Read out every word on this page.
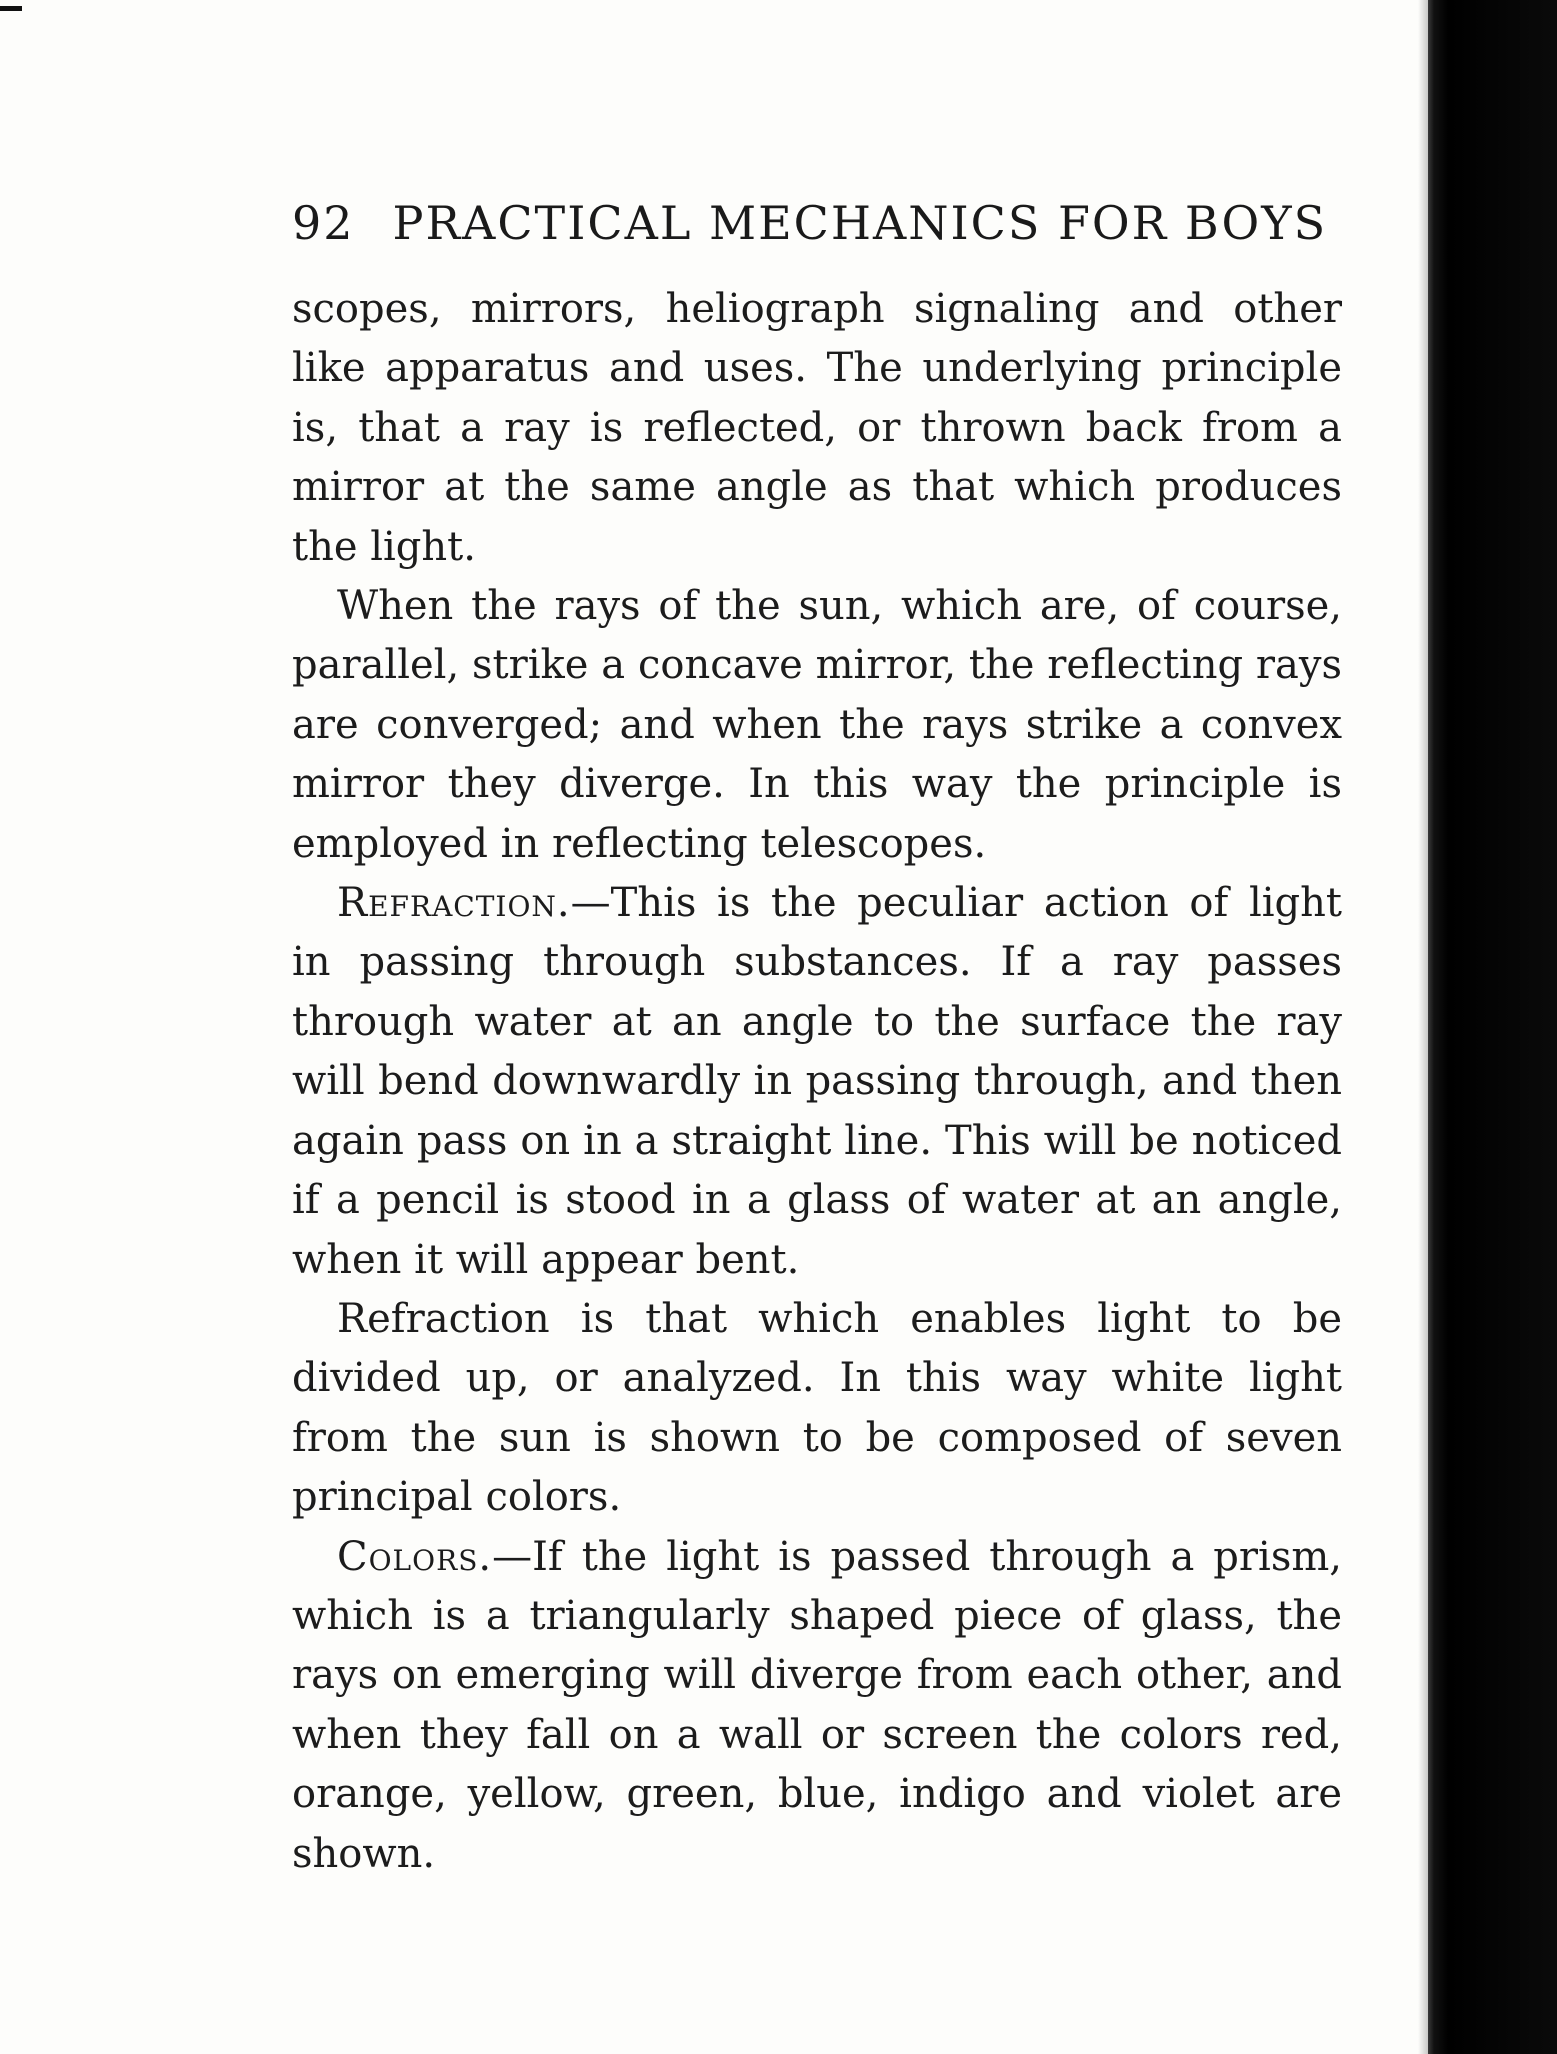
92 PRACTICAL MECHANICS FOR BOYS

scopes, mirrors, heliograph signaling and other like apparatus and uses. The underlying principle is, that a ray is reflected, or thrown back from a mirror at the same angle as that which produces the light.

When the rays of the sun, which are, of course, parallel, strike a concave mirror, the reflecting rays are converged; and when the rays strike a convex mirror they diverge. In this way the principle is employed in reflecting telescopes.

Refraction.—This is the peculiar action of light in passing through substances. If a ray passes through water at an angle to the surface the ray will bend downwardly in passing through, and then again pass on in a straight line. This will be noticed if a pencil is stood in a glass of water at an angle, when it will appear bent.

Refraction is that which enables light to be divided up, or analyzed. In this way white light from the sun is shown to be composed of seven principal colors.

Colors.—If the light is passed through a prism, which is a triangularly shaped piece of glass, the rays on emerging will diverge from each other, and when they fall on a wall or screen the colors red, orange, yellow, green, blue, indigo and violet are shown.
